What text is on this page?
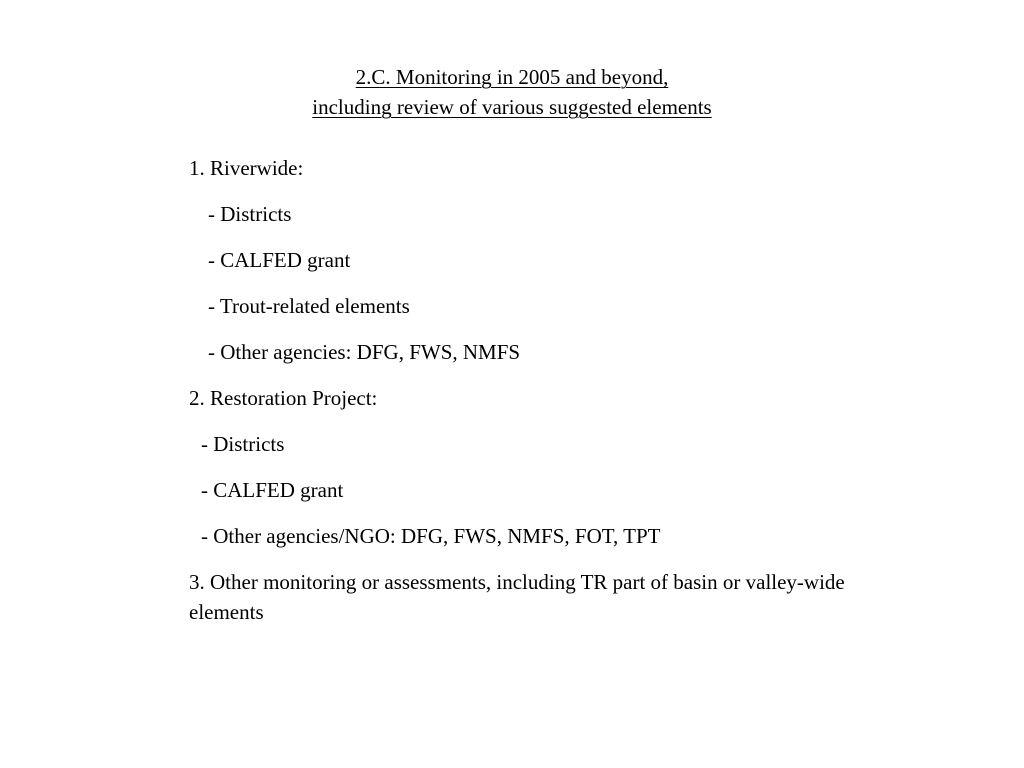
2.C. Monitoring in 2005 and beyond,
including review of various suggested elements
1. Riverwide:
- Districts
- CALFED grant
- Trout-related elements
- Other agencies: DFG, FWS, NMFS
2. Restoration Project:
- Districts
- CALFED grant
- Other agencies/NGO: DFG, FWS, NMFS, FOT, TPT
3. Other monitoring or assessments, including TR part of basin or valley-wide elements
